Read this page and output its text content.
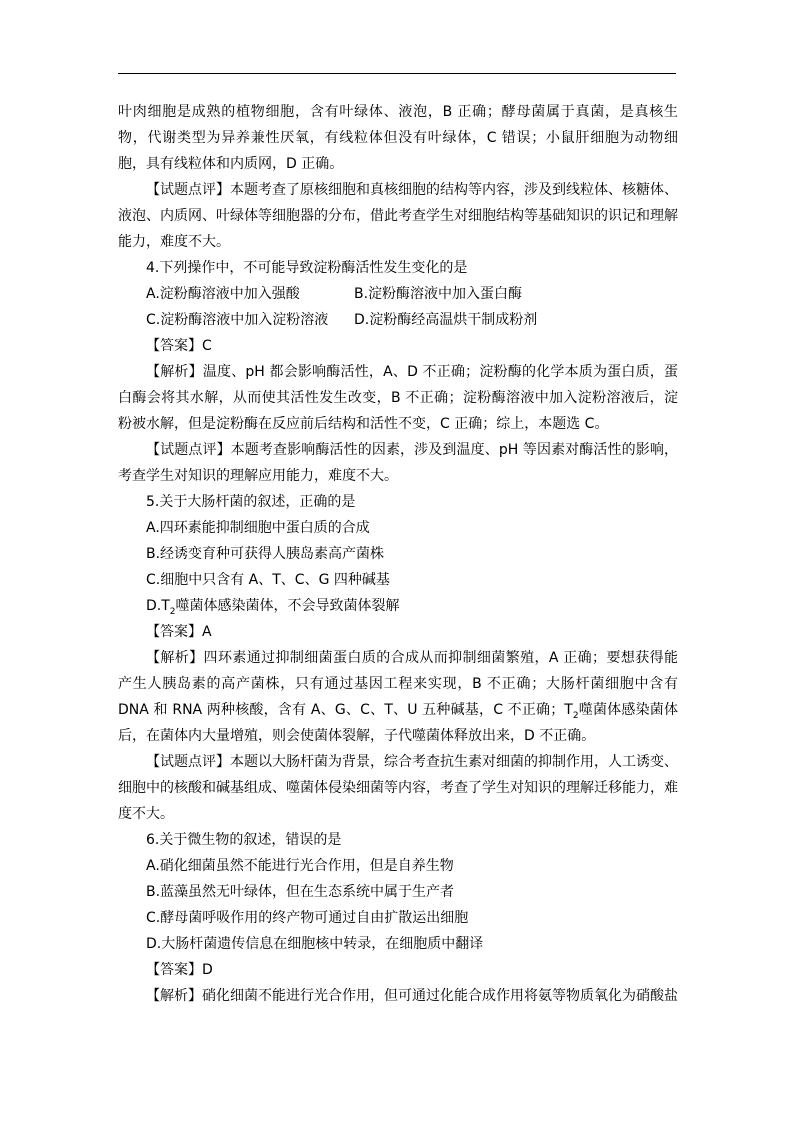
叶肉细胞是成熟的植物细胞，含有叶绿体、液泡，B 正确；酵母菌属于真菌，是真核生物，代谢类型为异养兼性厌氧，有线粒体但没有叶绿体，C 错误；小鼠肝细胞为动物细胞，具有线粒体和内质网，D 正确。

【试题点评】本题考查了原核细胞和真核细胞的结构等内容，涉及到线粒体、核糖体、液泡、内质网、叶绿体等细胞器的分布，借此考查学生对细胞结构等基础知识的识记和理解能力，难度不大。

4.下列操作中，不可能导致淀粉酶活性发生变化的是

A.淀粉酶溶液中加入强酸	B.淀粉酶溶液中加入蛋白酶
C.淀粉酶溶液中加入淀粉溶液	D.淀粉酶经高温烘干制成粉剂

【答案】C

【解析】温度、pH 都会影响酶活性，A、D 不正确；淀粉酶的化学本质为蛋白质，蛋白酶会将其水解，从而使其活性发生改变，B 不正确；淀粉酶溶液中加入淀粉溶液后，淀粉被水解，但是淀粉酶在反应前后结构和活性不变，C 正确；综上，本题选 C。

【试题点评】本题考查影响酶活性的因素，涉及到温度、pH 等因素对酶活性的影响，考查学生对知识的理解应用能力，难度不大。

5.关于大肠杆菌的叙述，正确的是

A.四环素能抑制细胞中蛋白质的合成

B.经诱变育种可获得人胰岛素高产菌株

C.细胞中只含有 A、T、C、G 四种碱基

$D.T_2$噬菌体感染菌体，不会导致菌体裂解

【答案】A

【解析】四环素通过抑制细菌蛋白质的合成从而抑制细菌繁殖，A 正确；要想获得能产生人胰岛素的高产菌株，只有通过基因工程来实现，B 不正确；大肠杆菌细胞中含有 DNA 和 RNA 两种核酸，含有 A、G、C、T、U 五种碱基，C 不正确；$T_2$噬菌体感染菌体后，在菌体内大量增殖，则会使菌体裂解，子代噬菌体释放出来，D 不正确。

【试题点评】本题以大肠杆菌为背景，综合考查抗生素对细菌的抑制作用，人工诱变、细胞中的核酸和碱基组成、噬菌体侵染细菌等内容，考查了学生对知识的理解迁移能力，难度不大。

6.关于微生物的叙述，错误的是

A.硝化细菌虽然不能进行光合作用，但是自养生物

B.蓝藻虽然无叶绿体，但在生态系统中属于生产者

C.酵母菌呼吸作用的终产物可通过自由扩散运出细胞

D.大肠杆菌遗传信息在细胞核中转录，在细胞质中翻译

【答案】D

【解析】硝化细菌不能进行光合作用，但可通过化能合成作用将氨等物质氧化为硝酸盐
